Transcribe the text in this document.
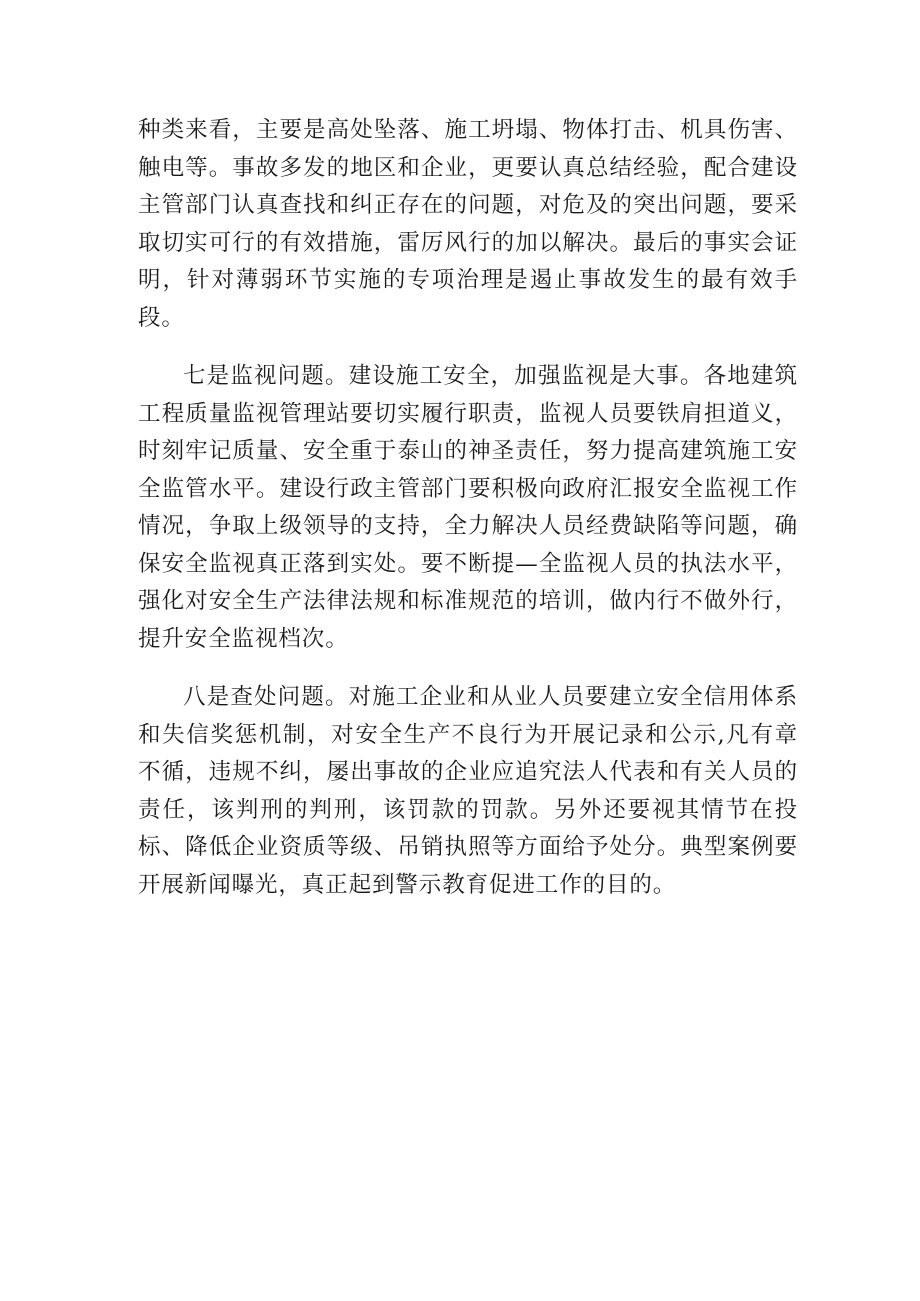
种类来看，主要是高处坠落、施工坍塌、物体打击、机具伤害、触电等。事故多发的地区和企业，更要认真总结经验，配合建设主管部门认真查找和纠正存在的问题，对危及的突出问题，要采取切实可行的有效措施，雷厉风行的加以解决。最后的事实会证明，针对薄弱环节实施的专项治理是遏止事故发生的最有效手段。

七是监视问题。建设施工安全，加强监视是大事。各地建筑工程质量监视管理站要切实履行职责，监视人员要铁肩担道义，时刻牢记质量、安全重于泰山的神圣责任，努力提高建筑施工安全监管水平。建设行政主管部门要积极向政府汇报安全监视工作情况，争取上级领导的支持，全力解决人员经费缺陷等问题，确保安全监视真正落到实处。要不断提—全监视人员的执法水平，强化对安全生产法律法规和标准规范的培训，做内行不做外行，提升安全监视档次。

八是查处问题。对施工企业和从业人员要建立安全信用体系和失信奖惩机制，对安全生产不良行为开展记录和公示,凡有章不循，违规不纠，屡出事故的企业应追究法人代表和有关人员的责任，该判刑的判刑，该罚款的罚款。另外还要视其情节在投标、降低企业资质等级、吊销执照等方面给予处分。典型案例要开展新闻曝光，真正起到警示教育促进工作的目的。
